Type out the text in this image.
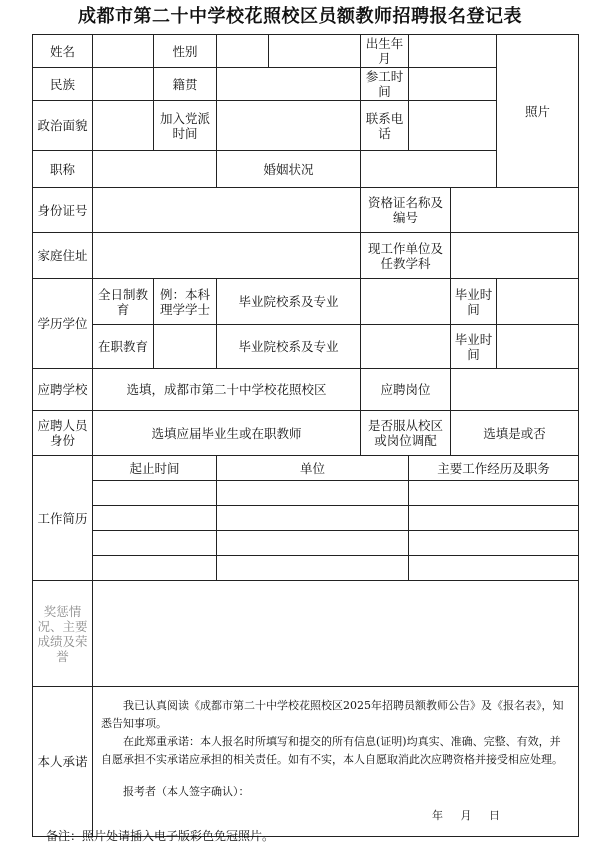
成都市第二十中学校花照校区员额教师招聘报名登记表
姓名		性别			出生年月			照片
民族		籍贯			参工时间			
政治面貌		加入党派时间			联系电话			
职称			婚姻状况					
身份证号					资格证名称及编号			
家庭住址					现工作单位及任教学科			
学历学位	全日制教育	例：本科理学学士	毕业院校系及专业				毕业时间	
	在职教育		毕业院校系及专业				毕业时间	
应聘学校	选填，成都市第二十中学校花照校区				应聘岗位			
应聘人员身份	选填应届毕业生或在职教师				是否服从校区或岗位调配		选填是或否	
工作简历	起止时间		单位			主要工作经历及职务		

奖惩情况、主要成绩及荣誉								
本人承诺	我已认真阅读《成都市第二十中学校花照校区2025年招聘员额教师公告》及《报名表》，知悉告知事项。

在此郑重承诺：本人报名时所填写和提交的所有信息(证明)均真实、准确、完整、有效，并自愿承担不实承诺应承担的相关责任。如有不实，本人自愿取消此次应聘资格并接受相应处理。

报考者（本人签字确认）：

年 月 日							

备注：照片处请插入电子版彩色免冠照片。
